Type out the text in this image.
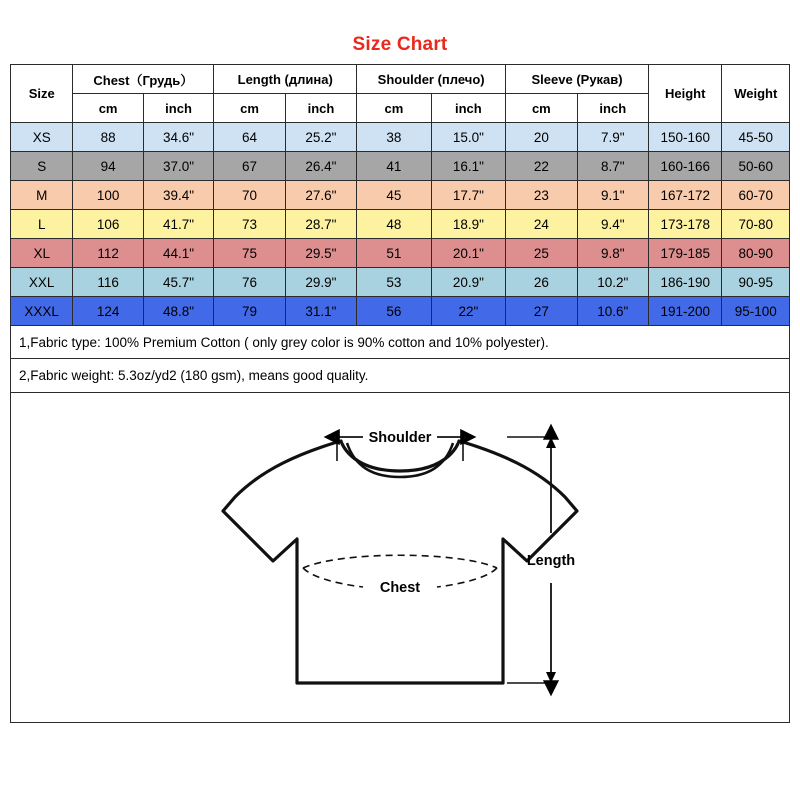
Size Chart
Size	Chest（Грудь）		Length (длина)		Shoulder (плечо)		Sleeve (Рукав)		Height	Weight
	cm	inch	cm	inch	cm	inch	cm	inch		
XS	88	34.6"	64	25.2"	38	15.0"	20	7.9"	150-160	45-50
S	94	37.0"	67	26.4"	41	16.1"	22	8.7"	160-166	50-60
M	100	39.4"	70	27.6"	45	17.7"	23	9.1"	167-172	60-70
L	106	41.7"	73	28.7"	48	18.9"	24	9.4"	173-178	70-80
XL	112	44.1"	75	29.5"	51	20.1"	25	9.8"	179-185	80-90
XXL	116	45.7"	76	29.9"	53	20.9"	26	10.2"	186-190	90-95
XXXL	124	48.8"	79	31.1"	56	22"	27	10.6"	191-200	95-100
1,Fabric type: 100% Premium Cotton ( only grey color is 90% cotton and 10% polyester).
2,Fabric weight: 5.3oz/yd2 (180 gsm), means good quality.
Chest
Shoulder
Length
